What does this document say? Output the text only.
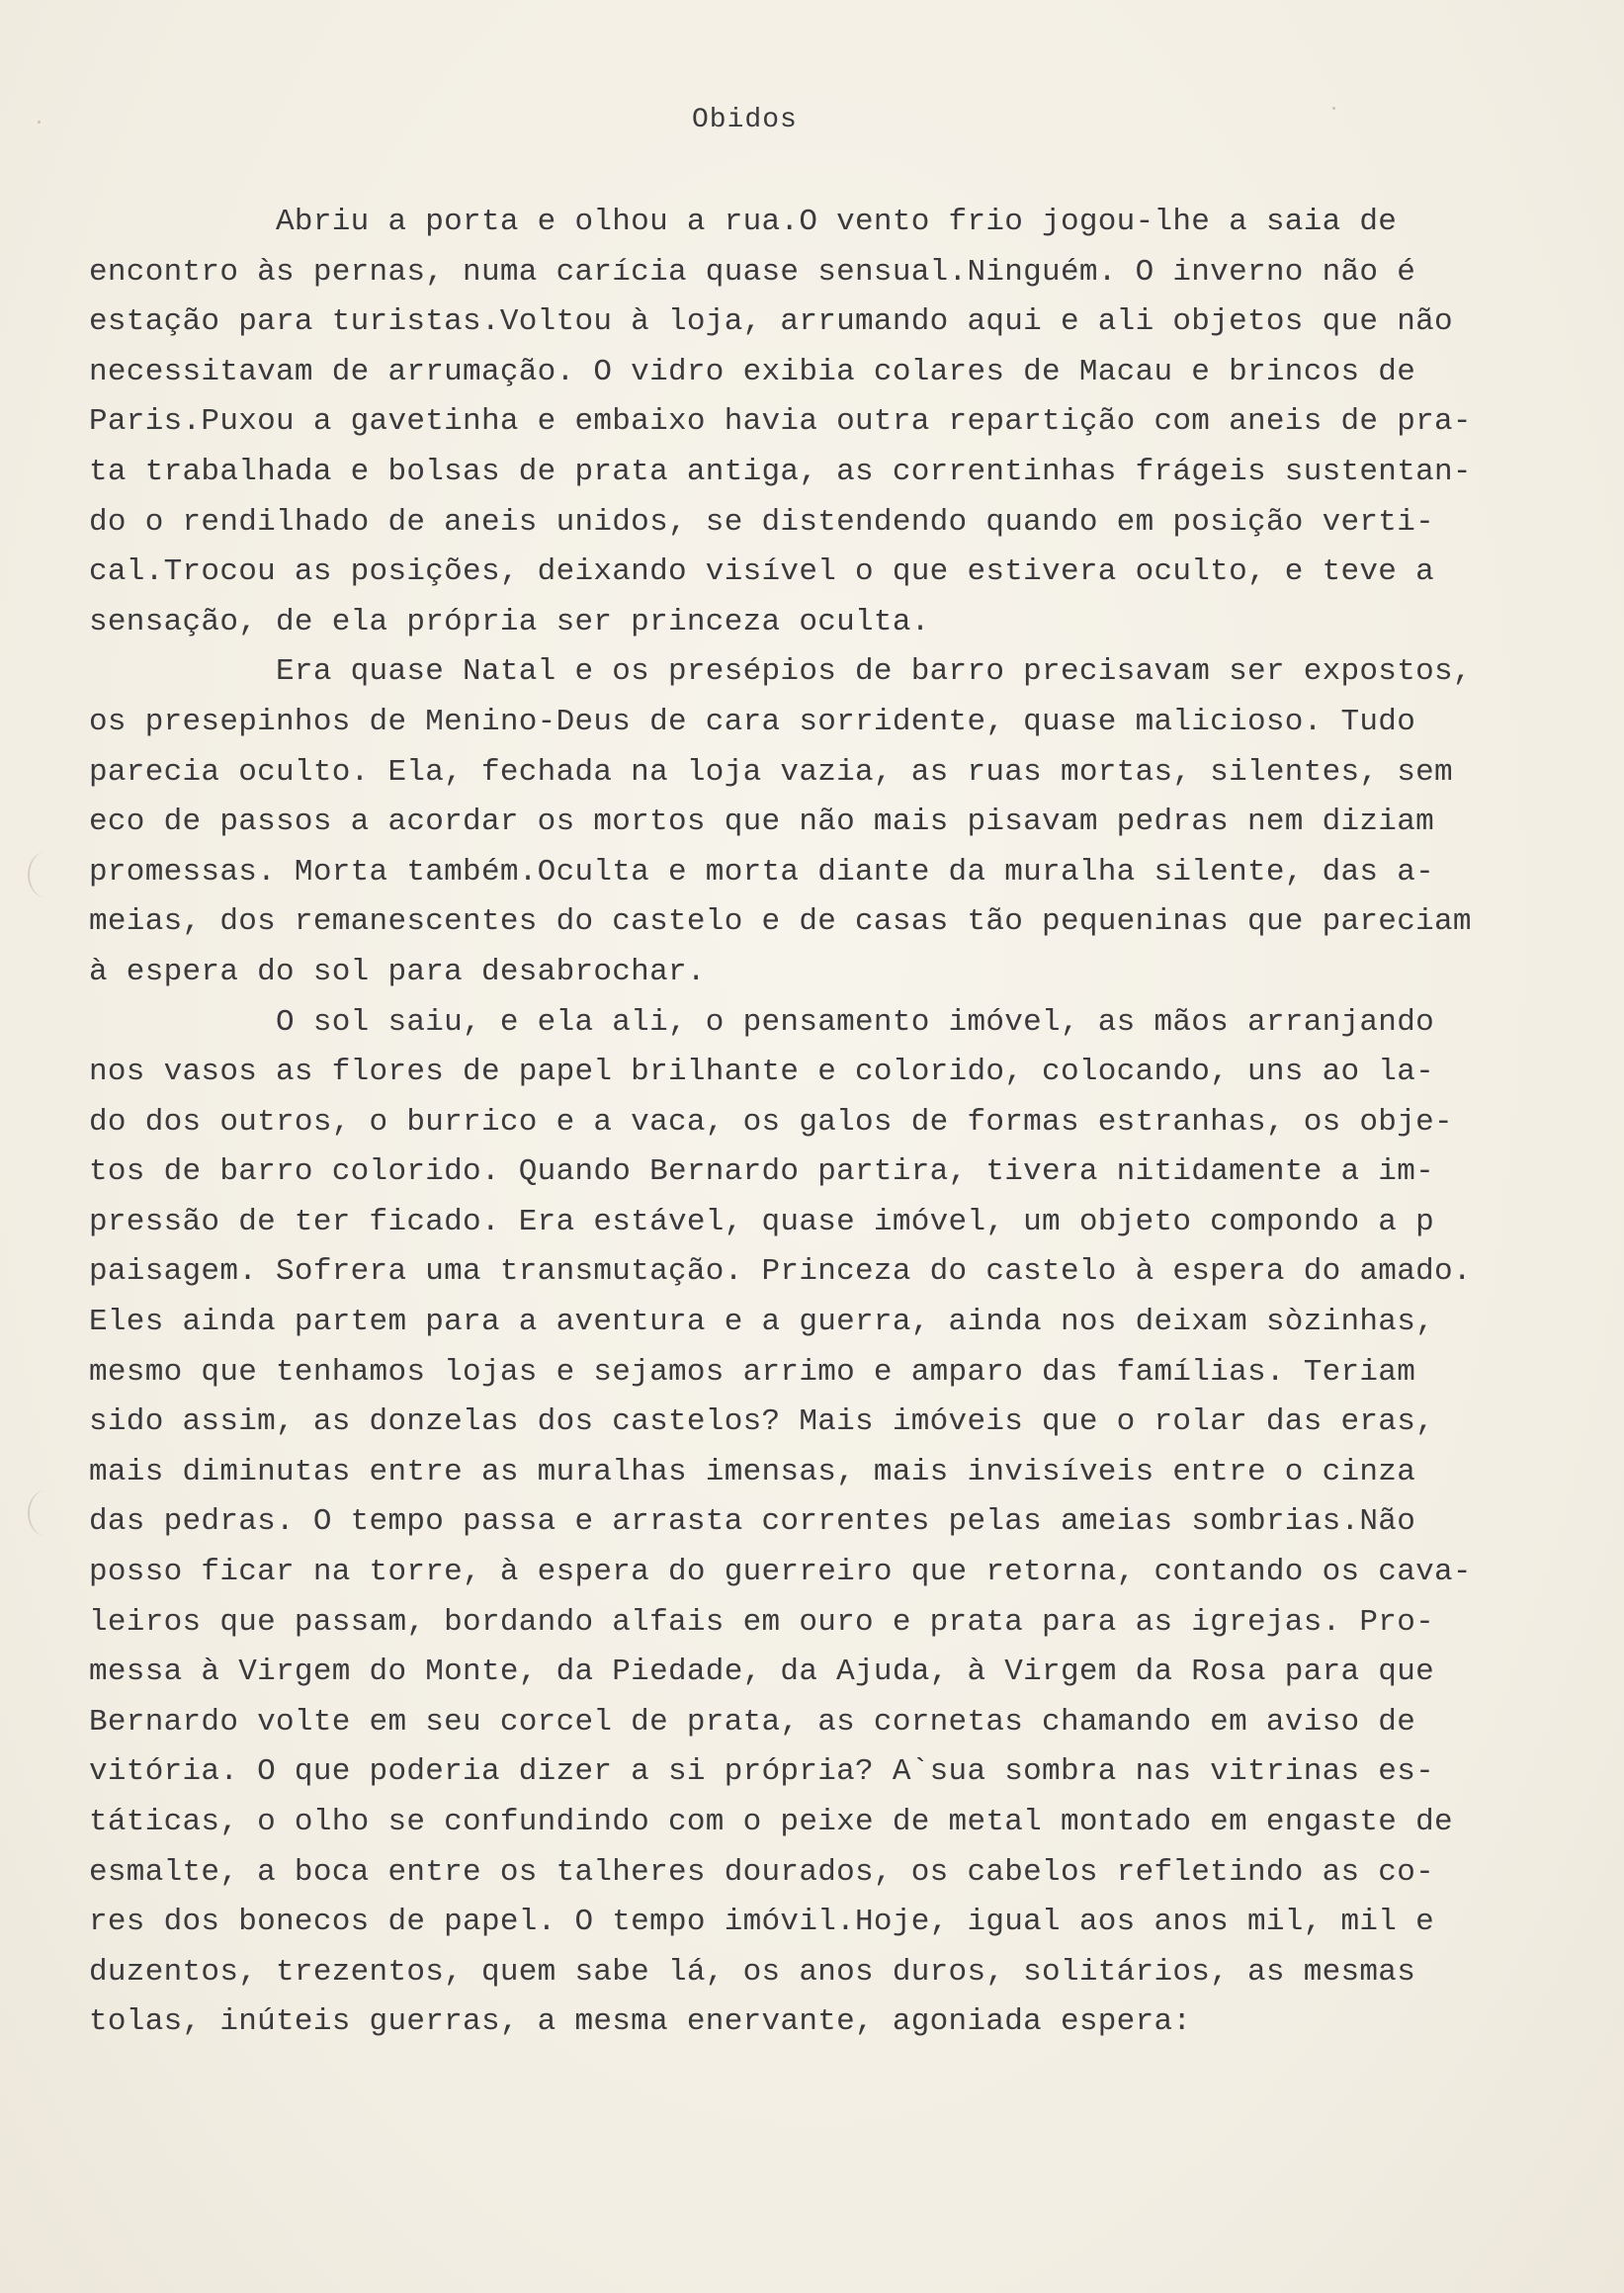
Obidos
Abriu a porta e olhou a rua.O vento frio jogou-lhe a saia de
encontro às pernas, numa carícia quase sensual.Ninguém. O inverno não é
estação para turistas.Voltou à loja, arrumando aqui e ali objetos que não
necessitavam de arrumação. O vidro exibia colares de Macau e brincos de
Paris.Puxou a gavetinha e embaixo havia outra repartição com aneis de pra-
ta trabalhada e bolsas de prata antiga, as correntinhas frágeis sustentan-
do o rendilhado de aneis unidos, se distendendo quando em posição verti-
cal.Trocou as posições, deixando visível o que estivera oculto, e teve a
sensação, de ela própria ser princeza oculta.
Era quase Natal e os presépios de barro precisavam ser expostos,
os presepinhos de Menino-Deus de cara sorridente, quase malicioso. Tudo
parecia oculto. Ela, fechada na loja vazia, as ruas mortas, silentes, sem
eco de passos a acordar os mortos que não mais pisavam pedras nem diziam
promessas. Morta também.Oculta e morta diante da muralha silente, das a-
meias, dos remanescentes do castelo e de casas tão pequeninas que pareciam
à espera do sol para desabrochar.
O sol saiu, e ela ali, o pensamento imóvel, as mãos arranjando
nos vasos as flores de papel brilhante e colorido, colocando, uns ao la-
do dos outros, o burrico e a vaca, os galos de formas estranhas, os obje-
tos de barro colorido. Quando Bernardo partira, tivera nitidamente a im-
pressão de ter ficado. Era estável, quase imóvel, um objeto compondo a p
paisagem. Sofrera uma transmutação. Princeza do castelo à espera do amado.
Eles ainda partem para a aventura e a guerra, ainda nos deixam sòzinhas,
mesmo que tenhamos lojas e sejamos arrimo e amparo das famílias. Teriam
sido assim, as donzelas dos castelos? Mais imóveis que o rolar das eras,
mais diminutas entre as muralhas imensas, mais invisíveis entre o cinza
das pedras. O tempo passa e arrasta correntes pelas ameias sombrias.Não
posso ficar na torre, à espera do guerreiro que retorna, contando os cava-
leiros que passam, bordando alfais em ouro e prata para as igrejas. Pro-
messa à Virgem do Monte, da Piedade, da Ajuda, à Virgem da Rosa para que
Bernardo volte em seu corcel de prata, as cornetas chamando em aviso de
vitória. O que poderia dizer a si própria? A`sua sombra nas vitrinas es-
táticas, o olho se confundindo com o peixe de metal montado em engaste de
esmalte, a boca entre os talheres dourados, os cabelos refletindo as co-
res dos bonecos de papel. O tempo imóvil.Hoje, igual aos anos mil, mil e
duzentos, trezentos, quem sabe lá, os anos duros, solitários, as mesmas
tolas, inúteis guerras, a mesma enervante, agoniada espera:
